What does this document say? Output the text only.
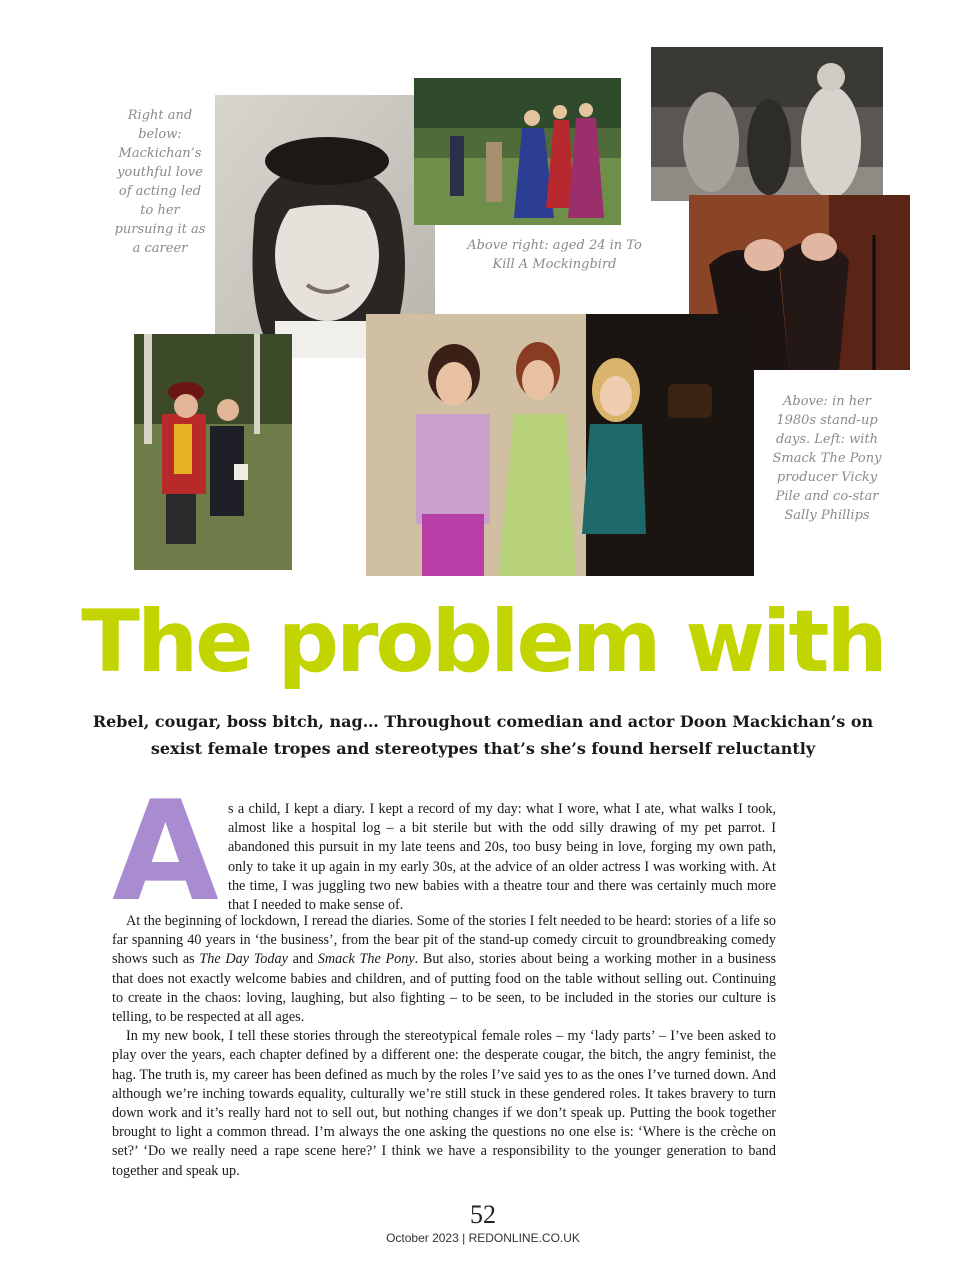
Right and below: Mackichan’s youthful love of acting led to her pursuing it as a career	Above right: aged 24 in To Kill A Mockingbird
Above: in her 1980s stand-up days. Left: with Smack The Pony producer Vicky Pile and co-star Sally Phillips
The problem with
Rebel, cougar, boss bitch, nag… Throughout comedian and actor Doon Mackichan’s on sexist female tropes and stereotypes that’s she’s found herself reluctantly
A s a child, I kept a diary. I kept a record of my day: what I wore, what I ate, what walks I took, almost like a hospital log – a bit sterile but with the odd silly drawing of my pet parrot. I abandoned this pursuit in my late teens and 20s, too busy being in love, forging my own path, only to take it up again in my early 30s, at the advice of an older actress I was working with. At the time, I was juggling two new babies with a theatre tour and there was certainly much more that I needed to make sense of.

At the beginning of lockdown, I reread the diaries. Some of the stories I felt needed to be heard: stories of a life so far spanning 40 years in ‘the business’, from the bear pit of the stand-up comedy circuit to groundbreaking comedy shows such as The Day Today and Smack The Pony. But also, stories about being a working mother in a business that does not exactly welcome babies and children, and of putting food on the table without selling out. Continuing to create in the chaos: loving, laughing, but also fighting – to be seen, to be included in the stories our culture is telling, to be respected at all ages.

In my new book, I tell these stories through the stereotypical female roles – my ‘lady parts’ – I’ve been asked to play over the years, each chapter defined by a different one: the desperate cougar, the bitch, the angry feminist, the hag. The truth is, my career has been defined as much by the roles I’ve said yes to as the ones I’ve turned down. And although we’re inching towards equality, culturally we’re still stuck in these gendered roles. It takes bravery to turn down work and it’s really hard not to sell out, but nothing changes if we don’t speak up. Putting the book together brought to light a common thread. I’m always the one asking the questions no one else is: ‘Where is the crèche on set?’ ‘Do we really need a rape scene here?’ I think we have a responsibility to the younger generation to band together and speak up.

52
October 2023 | REDONLINE.CO.UK
